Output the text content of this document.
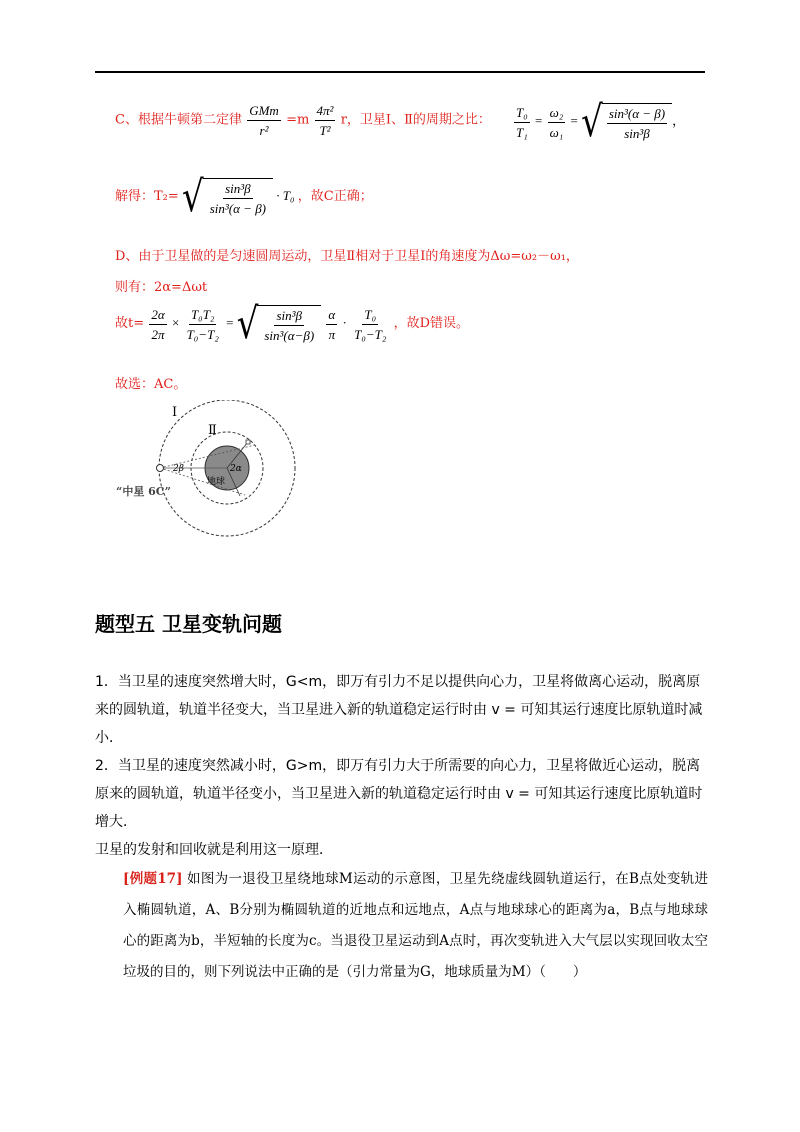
C、根据牛顿第二定律 $\frac{\text{GMm}}{\text{r²}} =m \frac{\text{4π²}}{\text{T²}}$ r，卫星Ⅰ、Ⅱ的周期之比： $\frac{\text{T₀}}{\text{T₁}} = \frac{\text{ω₂}}{\text{ω₁}}$ = √ $\frac{\text{sin³(α − β)}}{\text{sin³β}}$ ，
解得：T₂= √ $\frac{\text{sin³β}}{\text{sin³(α − β)}} \cdot T_0$ ，故C正确；
D、由于卫星做的是匀速圆周运动，卫星Ⅱ相对于卫星Ⅰ的角速度为Δω=ω₂－ω₁，
则有：2α=Δωt
故$t= \frac{2\alpha}{2\pi} \times \frac{\text{T₀T₂}}{\text{T₀−T₂}}$ = √ $\frac{\text{sin³β}}{\text{sin³(α−β)}}$
$\frac{\alpha}{\pi} \cdot \frac{\text{T₀}}{\text{T₀−T₂}}$ ，故D错误。
故选：AC。
Ⅰ
Ⅱ
2β	2α
地球
“中星 6C”
题型五 卫星变轨问题
1．当卫星的速度突然增大时，G<m，即万有引力不足以提供向心力，卫星将做离心运动，脱离原来的圆轨道，轨道半径变大，当卫星进入新的轨道稳定运行时由 v = 可知其运行速度比原轨道时减小．
2．当卫星的速度突然减小时，G>m，即万有引力大于所需要的向心力，卫星将做近心运动，脱离原来的圆轨道，轨道半径变小，当卫星进入新的轨道稳定运行时由 v = 可知其运行速度比原轨道时增大．
卫星的发射和回收就是利用这一原理．
[例题17] 如图为一退役卫星绕地球M运动的示意图，卫星先绕虚线圆轨道运行，在B点处变轨进入椭圆轨道，A、B分别为椭圆轨道的近地点和远地点，A点与地球球心的距离为a，B点与地球球心的距离为b，半短轴的长度为c。当退役卫星运动到A点时，再次变轨进入大气层以实现回收太空垃圾的目的，则下列说法中正确的是（引力常量为G，地球质量为M）（　　）
